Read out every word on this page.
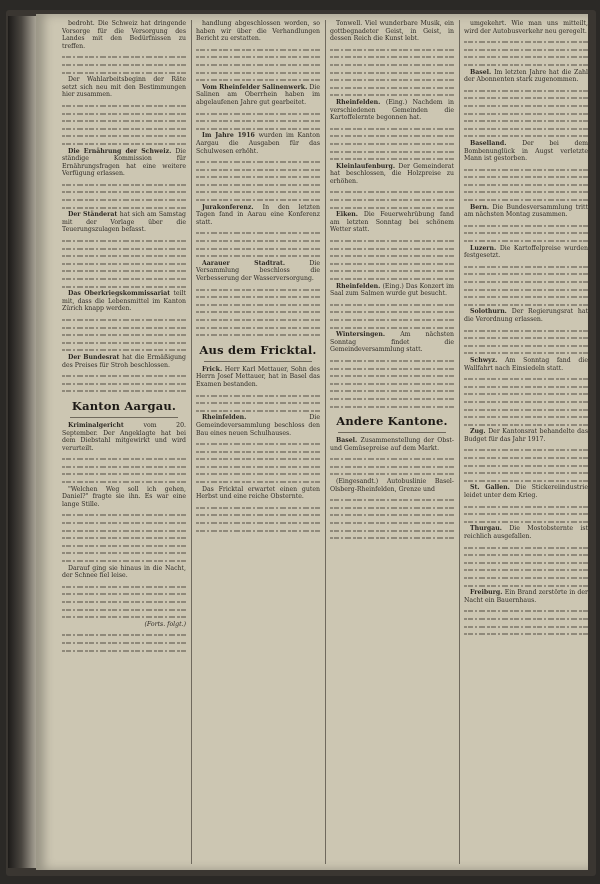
bedroht. Die Schweiz hat dringende Vorsorge für die Versorgung des Landes mit den Bedürfnissen zu treffen.

Der Wahlarbeitsbeginn der Räte setzt sich neu mit den Bestimmungen hier zusammen.

Die Ernährung der Schweiz. Die ständige Kommission für Ernährungsfragen hat eine weitere Verfügung erlassen.

Der Ständerat hat sich am Samstag mit der Vorlage über die Teuerungszulagen befasst.

Das Oberkriegskommissariat teilt mit, dass die Lebensmittel im Kanton Zürich knapp werden.

Der Bundesrat hat die Ermäßigung des Preises für Stroh beschlossen.

Kanton Aargau.

Kriminalgericht vom 20. September. Der Angeklagte hat bei dem Diebstahl mitgewirkt und wird verurteilt.

"Welchen Weg soll ich gehen, Daniel?" fragte sie ihn. Es war eine lange Stille.

Darauf ging sie hinaus in die Nacht, der Schnee fiel leise.

(Forts. folgt.)

handlung abgeschlossen worden, so haben wir über die Verhandlungen Bericht zu erstatten.

Vom Rheinfelder Salinenwerk. Die Salinen am Oberrhein haben im abgelaufenen Jahre gut gearbeitet.

Im Jahre 1916 wurden im Kanton Aargau die Ausgaben für das Schulwesen erhöht.

Jurakonferenz. In den letzten Tagen fand in Aarau eine Konferenz statt.

Aarauer Stadtrat. Die Versammlung beschloss die Verbesserung der Wasserversorgung.

Aus dem Fricktal.

Frick. Herr Karl Mettauer, Sohn des Herrn Josef Mettauer, hat in Basel das Examen bestanden.

Rheinfelden. Die Gemeindeversammlung beschloss den Bau eines neuen Schulhauses.

Das Fricktal erwartet einen guten Herbst und eine reiche Obsternte.

Tonwell. Viel wunderbare Musik, ein gottbegnadeter Geist, in Geist, in dessen Reich die Kunst lebt.

Rheinfelden. (Eing.) Nachdem in verschiedenen Gemeinden die Kartoffelernte begonnen hat.

Kleinlaufenburg. Der Gemeinderat hat beschlossen, die Holzpreise zu erhöhen.

Eiken. Die Feuerwehrübung fand am letzten Sonntag bei schönem Wetter statt.

Rheinfelden. (Eing.) Das Konzert im Saal zum Salmen wurde gut besucht.

Wintersingen. Am nächsten Sonntag findet die Gemeindeversammlung statt.

Andere Kantone.

Basel. Zusammenstellung der Obst- und Gemüsepreise auf dem Markt.

(Eingesandt.) Autobuslinie Basel-Olsberg-Rheinfelden, Grenze und

umgekehrt. Wie man uns mitteilt, wird der Autobusverkehr neu geregelt.

Basel. Im letzten Jahre hat die Zahl der Abonnenten stark zugenommen.

Baselland. Der bei dem Bombenunglück in Augst verletzte Mann ist gestorben.

Bern. Die Bundesversammlung tritt am nächsten Montag zusammen.

Luzern. Die Kartoffelpreise wurden festgesetzt.

Solothurn. Der Regierungsrat hat die Verordnung erlassen.

Schwyz. Am Sonntag fand die Wallfahrt nach Einsiedeln statt.

Zug. Der Kantonsrat behandelte das Budget für das Jahr 1917.

St. Gallen. Die Stickereiindustrie leidet unter dem Krieg.

Thurgau. Die Mostobsternte ist reichlich ausgefallen.

Freiburg. Ein Brand zerstörte in der Nacht ein Bauernhaus.
